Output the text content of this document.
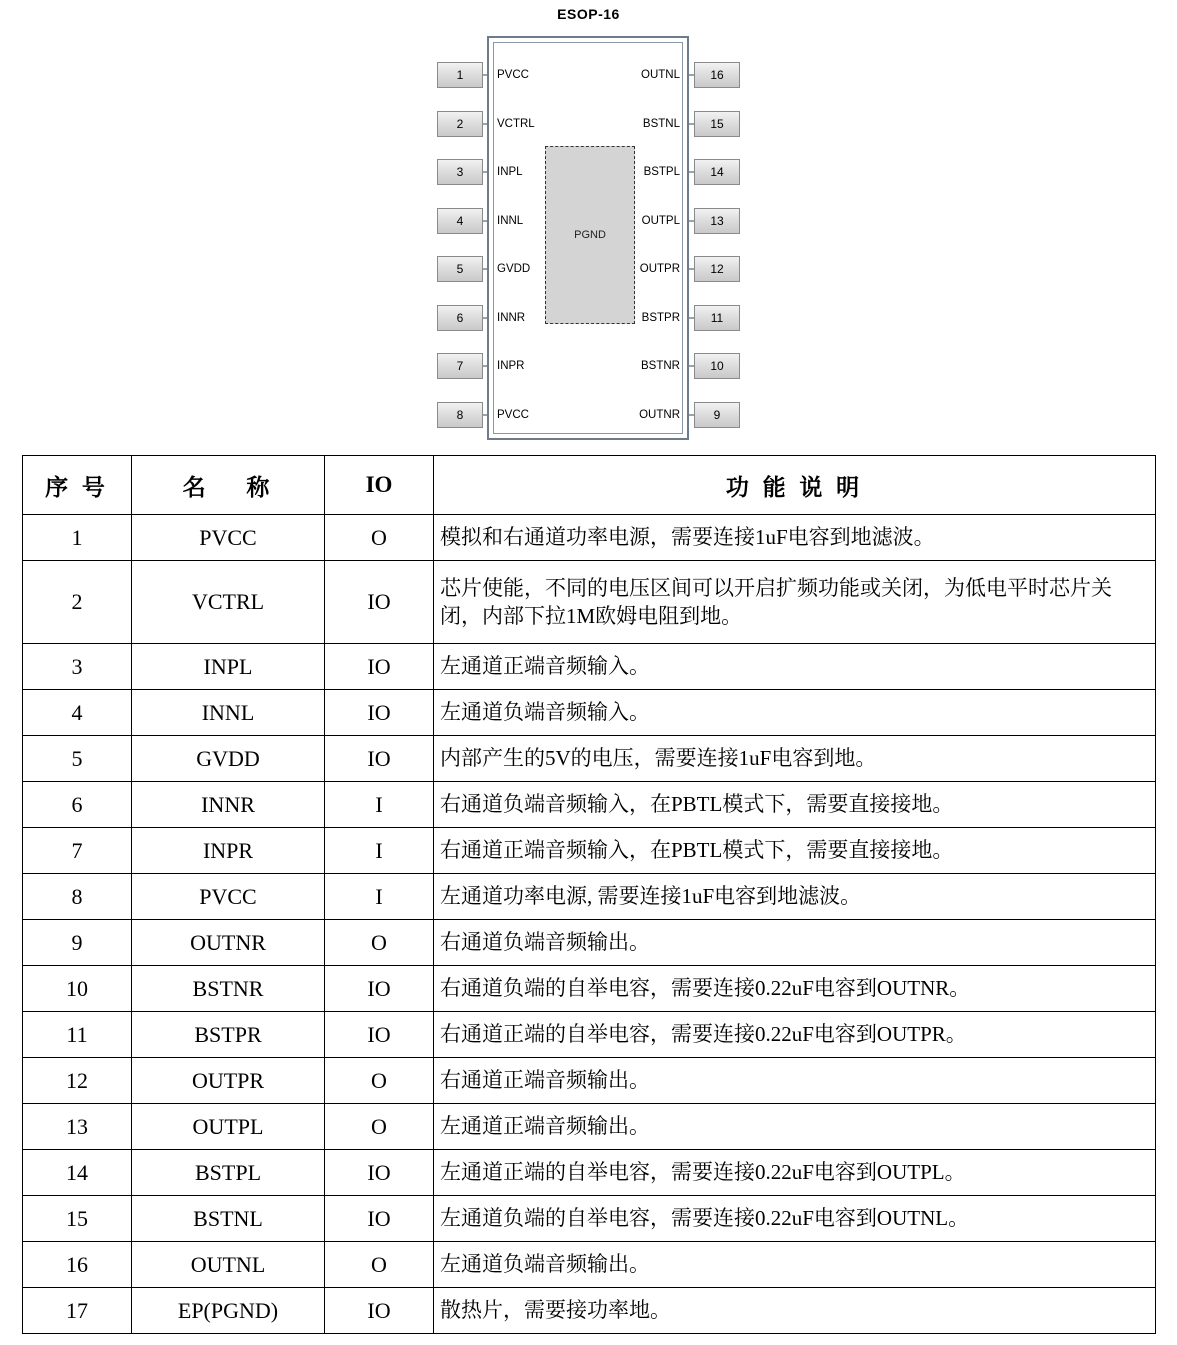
ESOP-16
PGND
1	PVCC
2	VCTRL
3	INPL
4	INNL
5	GVDD
6	INNR
7	INPR
8	PVCC
16
OUTNL
15
BSTNL
14
BSTPL
13
OUTPL
12
OUTPR
11
BSTPR
10
BSTNR
9
OUTNR
序 号	名　 称	IO	功 能 说 明
1	PVCC	O	模拟和右通道功率电源，需要连接1uF电容到地滤波。
2	VCTRL	IO	芯片使能，不同的电压区间可以开启扩频功能或关闭，为低电平时芯片关闭，内部下拉1M欧姆电阻到地。
3	INPL	IO	左通道正端音频输入。
4	INNL	IO	左通道负端音频输入。
5	GVDD	IO	内部产生的5V的电压，需要连接1uF电容到地。
6	INNR	I	右通道负端音频输入，在PBTL模式下，需要直接接地。
7	INPR	I	右通道正端音频输入，在PBTL模式下，需要直接接地。
8	PVCC	I	左通道功率电源, 需要连接1uF电容到地滤波。
9	OUTNR	O	右通道负端音频输出。
10	BSTNR	IO	右通道负端的自举电容，需要连接0.22uF电容到OUTNR。
11	BSTPR	IO	右通道正端的自举电容，需要连接0.22uF电容到OUTPR。
12	OUTPR	O	右通道正端音频输出。
13	OUTPL	O	左通道正端音频输出。
14	BSTPL	IO	左通道正端的自举电容，需要连接0.22uF电容到OUTPL。
15	BSTNL	IO	左通道负端的自举电容，需要连接0.22uF电容到OUTNL。
16	OUTNL	O	左通道负端音频输出。
17	EP(PGND)	IO	散热片，需要接功率地。
